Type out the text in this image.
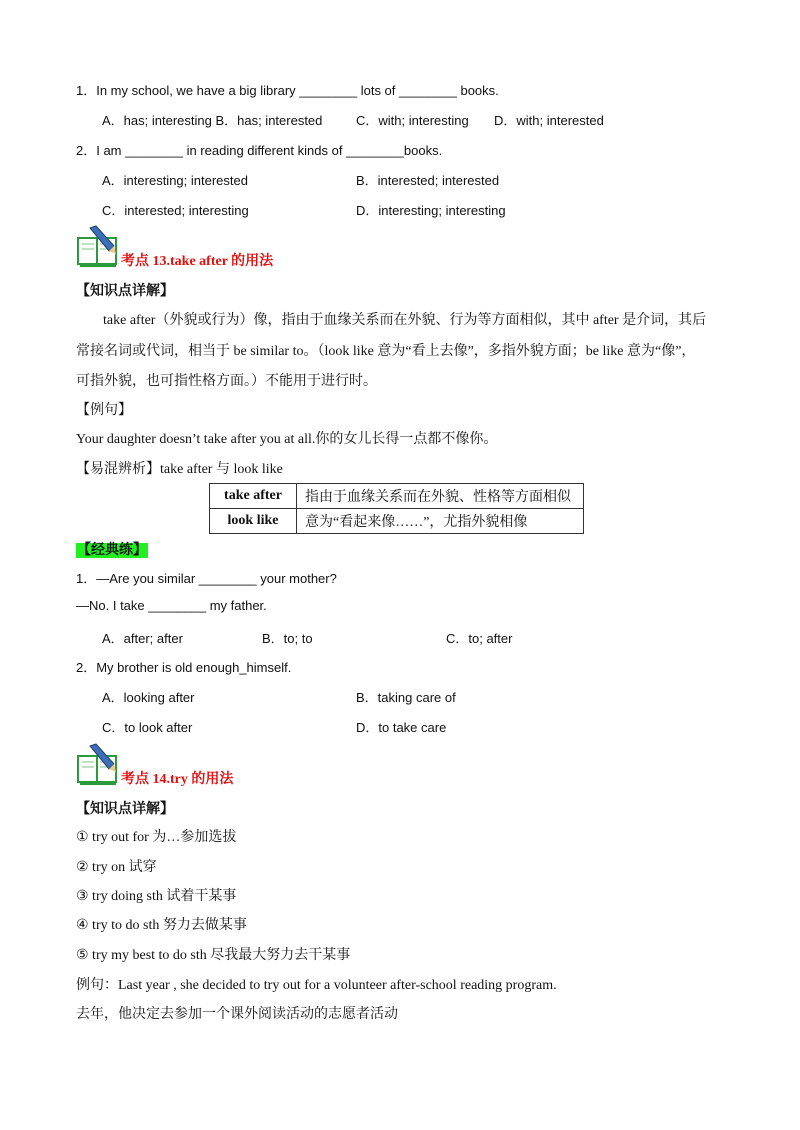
1．In my school, we have a big library ________ lots of ________ books.
A．has; interesting B．has; interested	C．with; interesting D．with; interested
2．I am ________ in reading different kinds of ________books.
A．interesting; interested	B．interested; interested
C．interested; interesting	D．interesting; interesting
考点 13.take after 的用法
【知识点详解】
take after（外貌或行为）像，指由于血缘关系而在外貌、行为等方面相似，其中 after 是介词，其后
常接名词或代词，相当于 be similar to。（look like 意为“看上去像”，多指外貌方面；be like 意为“像”，
可指外貌，也可指性格方面。）不能用于进行时。
【例句】
Your daughter doesn’t take after you at all.你的女儿长得一点都不像你。
【易混辨析】take after 与 look like
take after	指由于血缘关系而在外貌、性格等方面相似
look like	意为“看起来像……”，尤指外貌相像
【经典练】
1．—Are you similar ________ your mother?
—No. I take ________ my father.
A．after; after	B．to; to	C．to; after
2．My brother is old enough_himself.
A．looking after	B．taking care of
C．to look after	D．to take care
考点 14.try 的用法
【知识点详解】
① try out for 为…参加选拔
② try on 试穿
③ try doing sth 试着干某事
④ try to do sth 努力去做某事
⑤ try my best to do sth 尽我最大努力去干某事
例句：Last year , she decided to try out for a volunteer after-school reading program.
去年，他决定去参加一个课外阅读活动的志愿者活动
